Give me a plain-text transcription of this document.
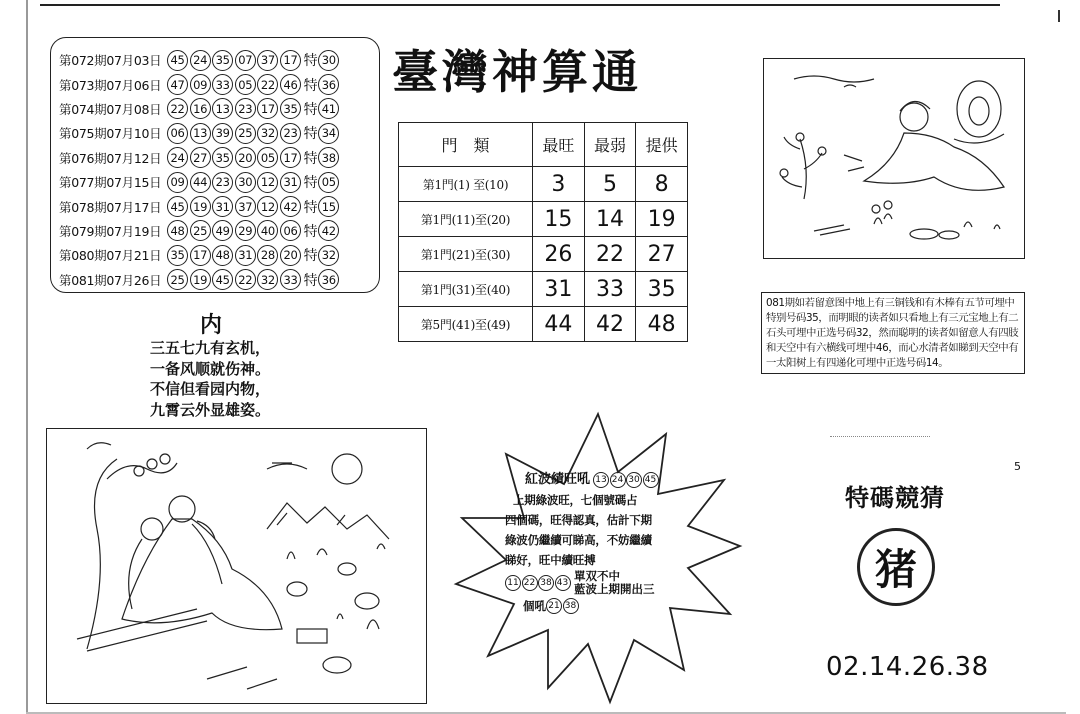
第072期07月03日 45 24 35 07 37 17 特 30
第073期07月06日 47 09 33 05 22 46 特 36
第074期07月08日 22 16 13 23 17 35 特 41
第075期07月10日 06 13 39 25 32 23 特 34
第076期07月12日 24 27 35 20 05 17 特 38
第077期07月15日 09 44 23 30 12 31 特 05
第078期07月17日 45 19 31 37 12 42 特 15
第079期07月19日 48 25 49 29 40 06 特 42
第080期07月21日 35 17 48 31 28 20 特 32
第081期07月26日 25 19 45 22 32 33 特 36
臺灣神算通
門　類	最旺	最弱	提供
第1門(1) 至(10)	3	5	8
第1門(11)至(20)	15	14	19
第1門(21)至(30)	26	22	27
第1門(31)至(40)	31	33	35
第5門(41)至(49)	44	42	48
内
三五七九有玄机，
一备风顺就伤神。
不信但看园内物，
九霄云外显雄姿。
081期如若留意图中地上有三铜钱和有木棒有五节可埋中特别号码35，而明眼的读者如只看地上有三元宝地上有二石头可埋中正选号码32，然而聪明的读者如留意人有四肢和天空中有六横线可埋中46，而心水清者如睇到天空中有一太阳树上有四递化可埋中正选号码14。
紅波績旺吼 13 24 30 45
上期綠波旺，七個號碼占
四個碼，旺得認真，估計下期
綠波仍繼續可睇高，不妨繼續
睇好，旺中續旺搏
11 22 38 43 單双不中
藍波上期開出三
個吼 21 38
5
特碼競猜
猪
02.14.26.38
